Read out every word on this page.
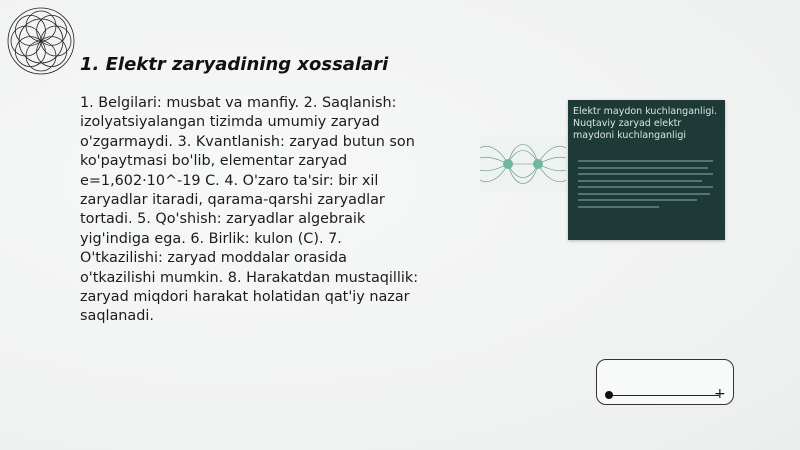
1. Elektr zaryadining xossalari
1. Belgilari: musbat va manfiy. 2. Saqlanish: izolyatsiyalangan tizimda umumiy zaryad o'zgarmaydi. 3. Kvantlanish: zaryad butun son ko'paytmasi bo'lib, elementar zaryad e=1,602·10^-19 C. 4. O'zaro ta'sir: bir xil zaryadlar itaradi, qarama-qarshi zaryadlar tortadi. 5. Qo'shish: zaryadlar algebraik yig'indiga ega. 6. Birlik: kulon (C). 7. O'tkazilishi: zaryad moddalar orasida o'tkazilishi mumkin. 8. Harakatdan mustaqillik: zaryad miqdori harakat holatidan qat'iy nazar saqlanadi.
Elektr maydon kuchlanganligi. Nuqtaviy zaryad elektr maydoni kuchlanganligi
+
